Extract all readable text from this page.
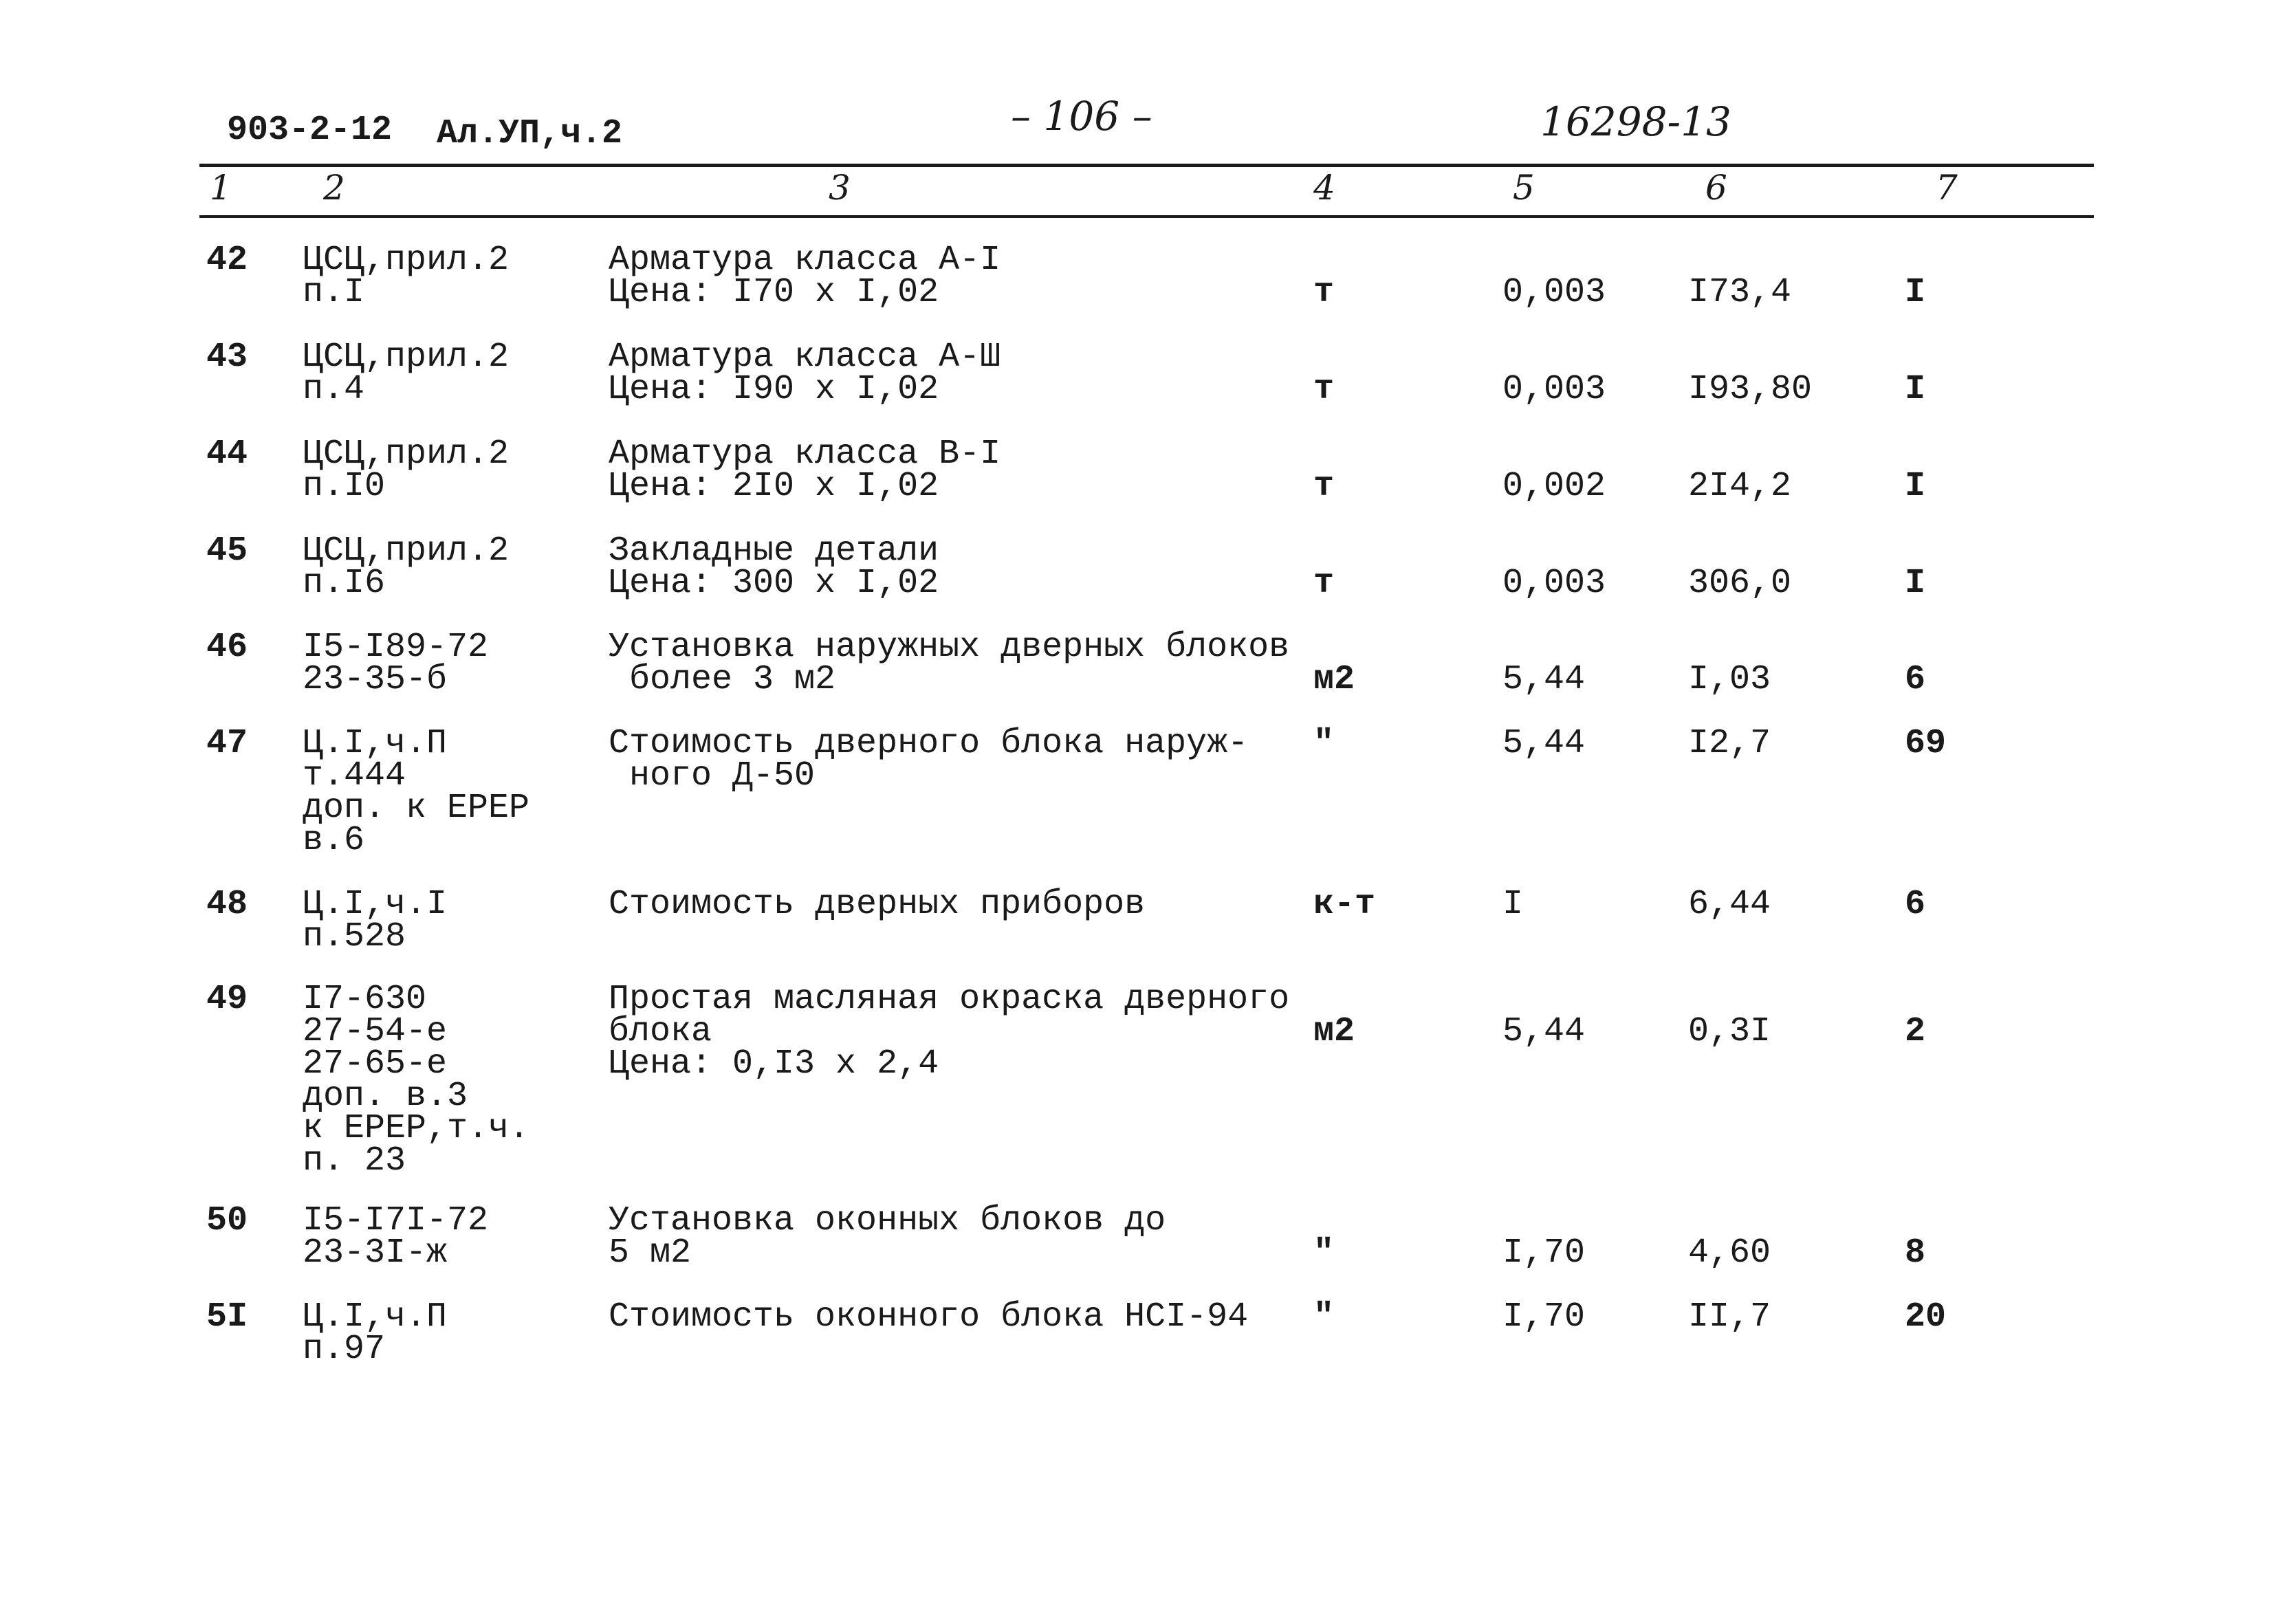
903-2-12 Ал.УП,ч.2	– 106 –	16298-13
1	2	3	4	5	6	7
42 ЦСЦ,прил.2
п.I
Арматура класса А-I
Цена: I70 x I,02	т	0,003 I73,4	I
43 ЦСЦ,прил.2
п.4
Арматура класса А-Ш
Цена: I90 x I,02	т	0,003 I93,80	I
44 ЦСЦ,прил.2
п.I0
Арматура класса В-I
Цена: 2I0 x I,02	т	0,002 2I4,2	I
45 ЦСЦ,прил.2
п.I6
Закладные детали
Цена: 300 x I,02	т	0,003 306,0	I
46 I5-I89-72
23-35-б
Установка наружных дверных блоков
более 3 м2	м2	5,44	I,03	6
47 Ц.I,ч.П
т.444
доп. к ЕРЕР
в.6
Стоимость дверного блока наруж-
ного Д-50
"	5,44	I2,7	69
48 Ц.I,ч.I
п.528
Стоимость дверных приборов	к-т	I	6,44	6
49 I7-630
27-54-е
27-65-е
доп. в.3
к ЕРЕР,т.ч.
п. 23
Простая масляная окраска дверного
блока
Цена: 0,I3 x 2,4
м2	5,44	0,3I	2
50 I5-I7I-72
23-3I-ж
Установка оконных блоков до
5 м2	"	I,70	4,60	8
5I Ц.I,ч.П
п.97
Стоимость оконного блока НСI-94 "	I,70	II,7	20
